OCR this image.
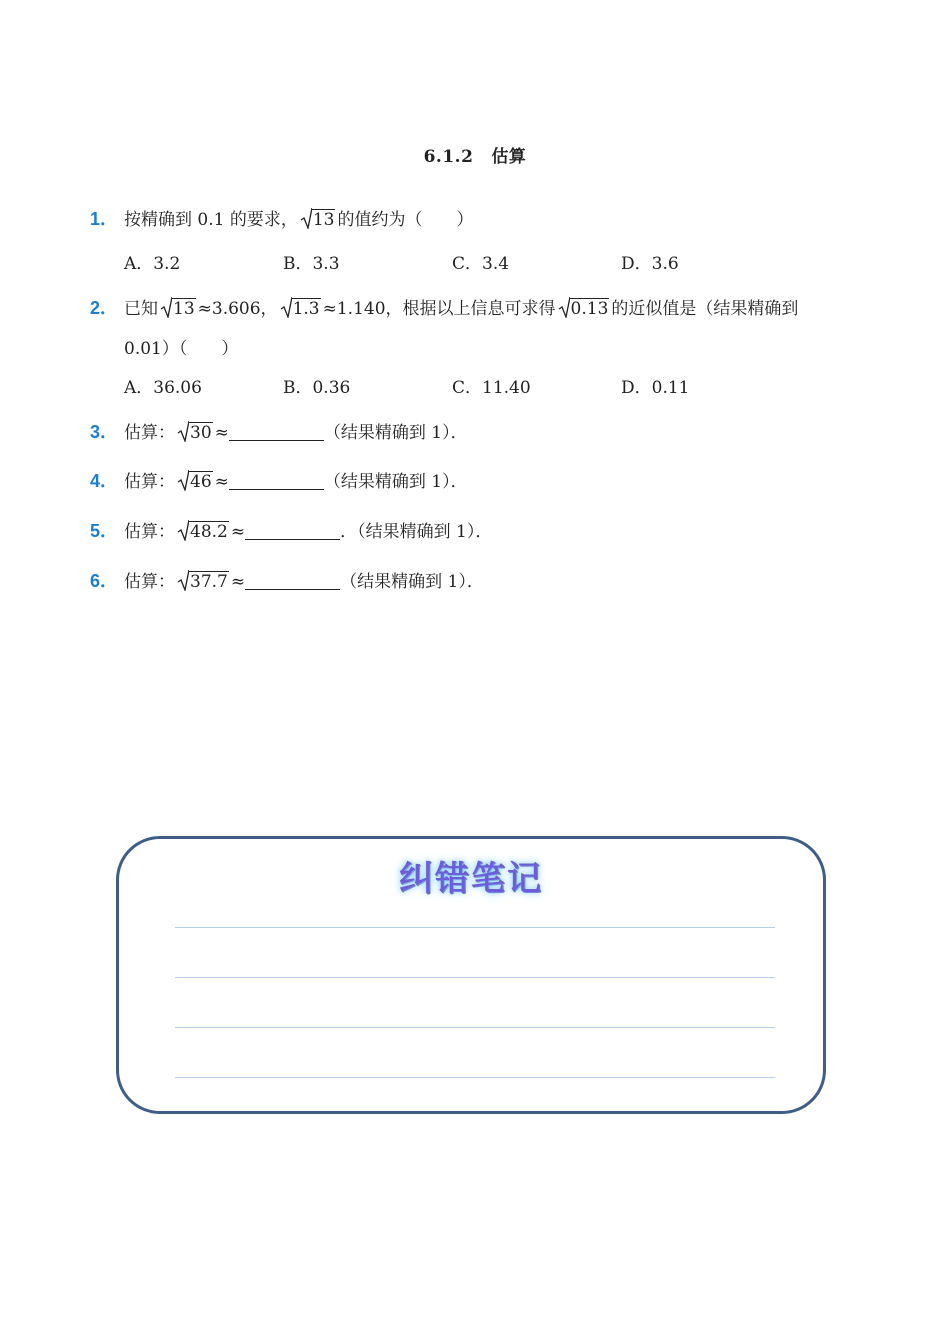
6.1.2 估算
1． 按精确到 0.1 的要求， 13 的值约为（　　）
A．3.2	B．3.3	C．3.4	D．3.6
2． 已知 13 ≈3.606， 1.3 ≈1.140，根据以上信息可求得 0.13 的近似值是（结果精确到
0.01）（　　）
A．36.06	B．0.36	C．11.40	D．0.11
3． 估算： 30 ≈	（结果精确到 1）．
4． 估算： 46 ≈	（结果精确到 1）．
5． 估算： 48.2 ≈	．（结果精确到 1）．
6． 估算： 37.7 ≈	（结果精确到 1）．
纠错笔记
